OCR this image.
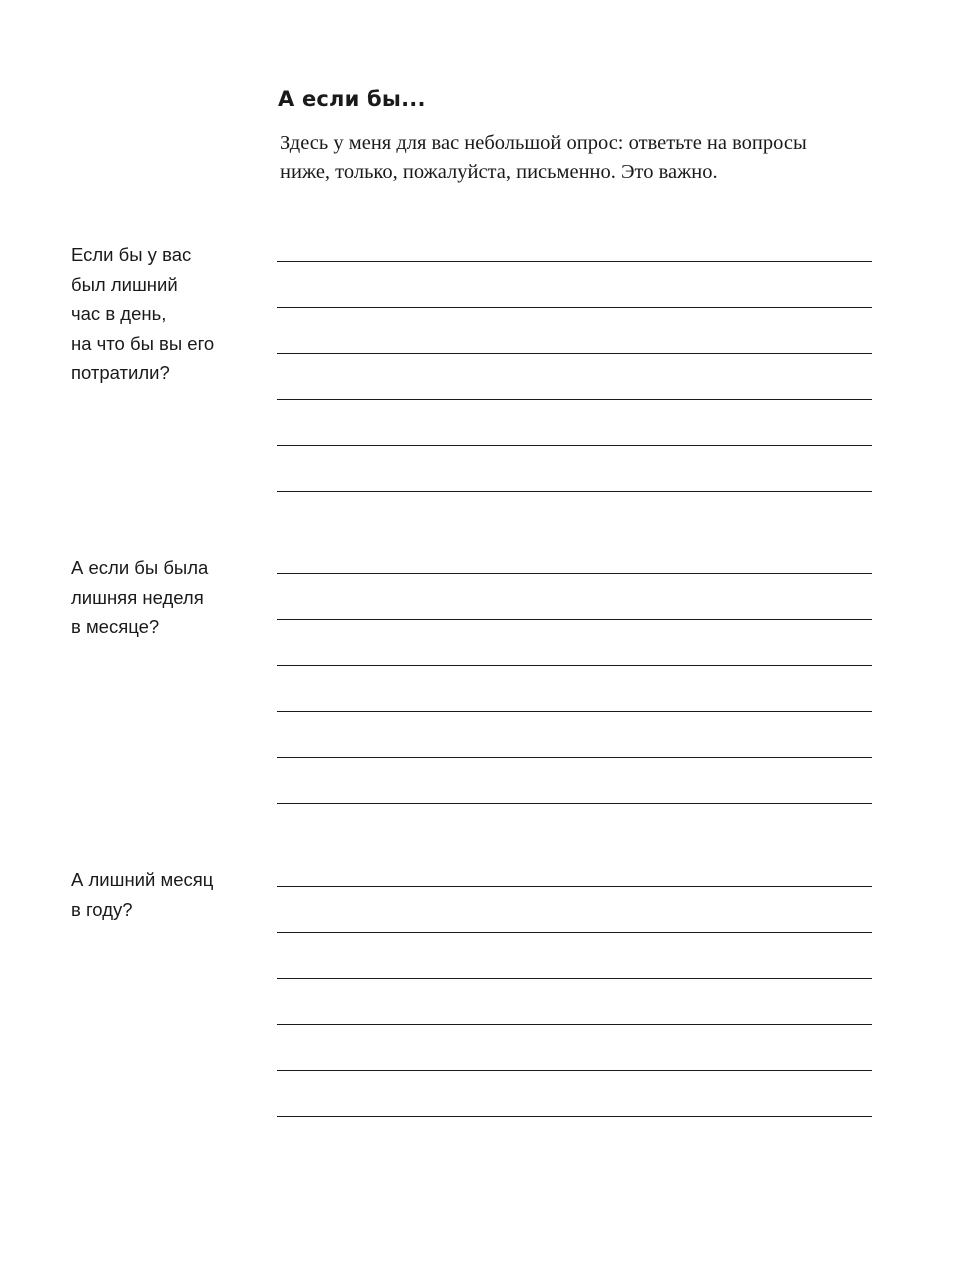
А если бы...

Здесь у меня для вас небольшой опрос: ответьте на вопросы
ниже, только, пожалуйста, письменно. Это важно.

Если бы у вас
был лишний
час в день,
на что бы вы его
потратили?

А если бы была
лишняя неделя
в месяце?

А лишний месяц
в году?
